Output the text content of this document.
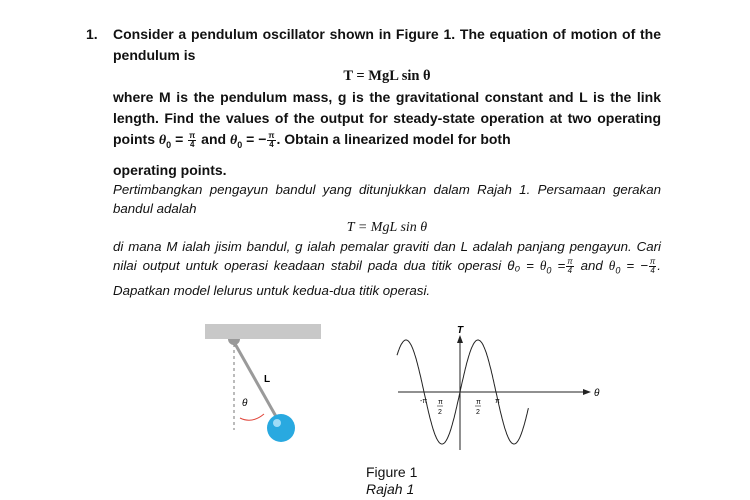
1. Consider a pendulum oscillator shown in Figure 1. The equation of motion of the pendulum is

T = MgL sin θ

where M is the pendulum mass, g is the gravitational constant and L is the link length. Find the values of the output for steady-state operation at two operating points $\theta_0 = \frac{\pi}{4}$ and $\theta_0$ = − $\frac{\pi}{4}$ . Obtain a linearized model for both

operating points.

Pertimbangkan pengayun bandul yang ditunjukkan dalam Rajah 1. Persamaan gerakan bandul adalah

T = MgL sin θ

di mana M ialah jisim bandul, g ialah pemalar graviti dan L adalah panjang pengayun. Cari nilai output untuk operasi keadaan stabil pada dua titik operasi $\theta_0 = \theta_0 = \frac{\pi}{4}$ and $\theta_0$ = − $\frac{\pi}{4}$ . Dapatkan model lelurus untuk kedua-dua titik operasi.

L
θ
T
θ
-π π
2
π
2
π
Figure 1
Rajah 1
